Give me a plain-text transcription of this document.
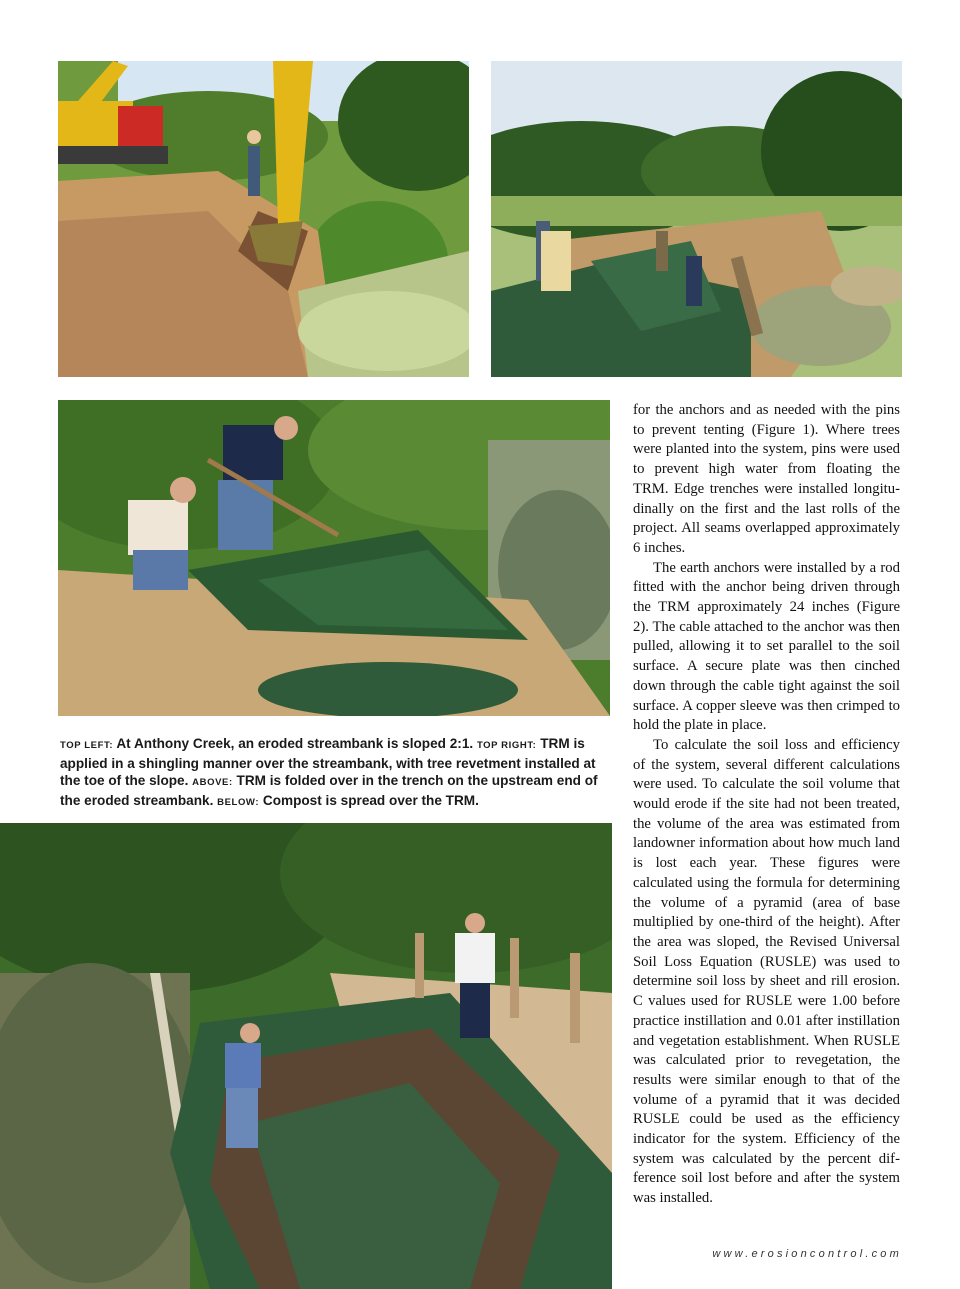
TOP LEFT: At Anthony Creek, an eroded streambank is sloped 2:1. TOP RIGHT: TRM is applied in a shingling manner over the streambank, with tree revetment installed at the toe of the slope. ABOVE: TRM is folded over in the trench on the upstream end of the eroded streambank. BELOW: Compost is spread over the TRM.

for the anchors and as needed with the pins to prevent tenting (Figure 1). Where trees were planted into the system, pins were used to prevent high water from floating the TRM. Edge trenches were installed longitudinally on the first and the last rolls of the project. All seams overlapped approximately 6 inches.

The earth anchors were installed by a rod fitted with the anchor being driven through the TRM approximately 24 inches (Figure 2). The cable attached to the anchor was then pulled, allowing it to set parallel to the soil surface. A secure plate was then cinched down through the cable tight against the soil surface. A copper sleeve was then crimped to hold the plate in place.

To calculate the soil loss and efficiency of the system, several different calculations were used. To calculate the soil volume that would erode if the site had not been treated, the volume of the area was estimated from landowner information about how much land is lost each year. These figures were calculated using the formula for determining the volume of a pyramid (area of base multiplied by one-third of the height). After the area was sloped, the Revised Universal Soil Loss Equation (RUSLE) was used to determine soil loss by sheet and rill erosion. C values used for RUSLE were 1.00 before practice instillation and 0.01 after instillation and vegetation establishment. When RUSLE was calculated prior to revegetation, the results were similar enough to that of the volume of a pyramid that it was decided RUSLE could be used as the efficiency indicator for the system. Efficiency of the system was calculated by the percent difference soil lost before and after the system was installed.

www.erosioncontrol.com
